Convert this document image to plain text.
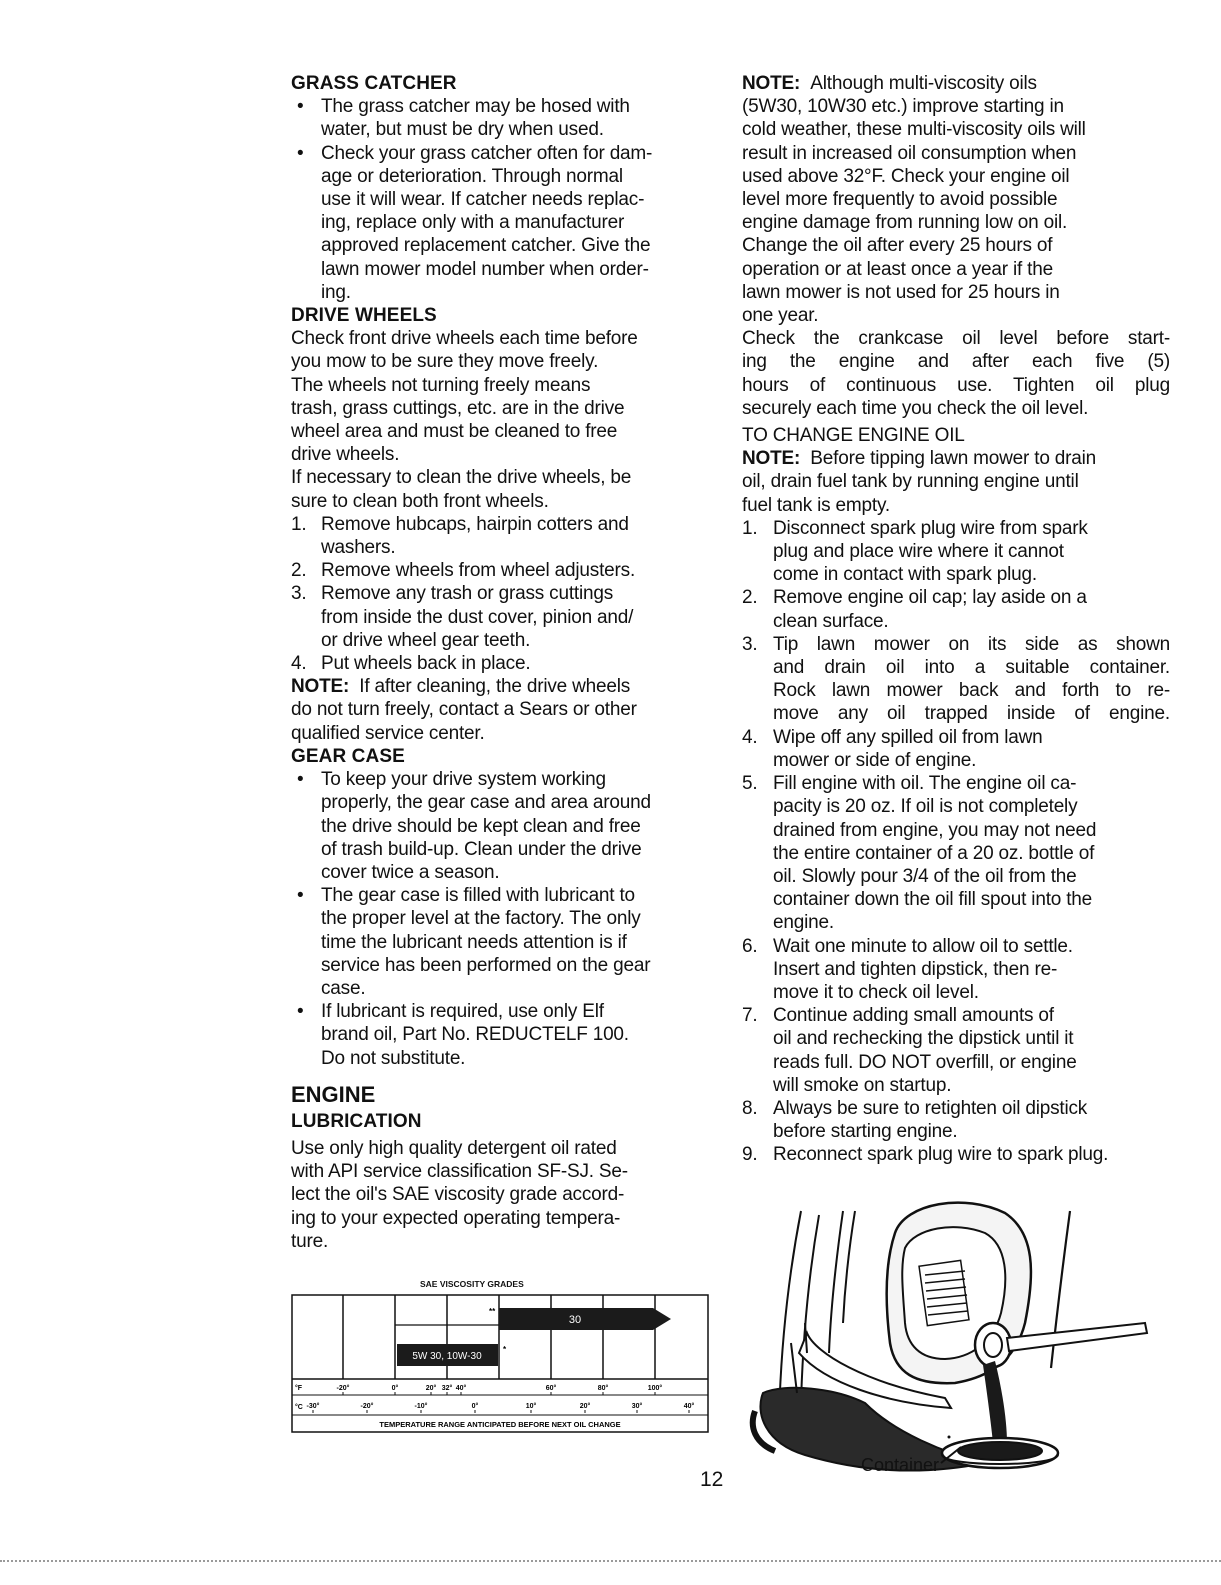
GRASS CATCHER
• The grass catcher may be hosed with
water, but must be dry when used.
• Check your grass catcher often for dam-
age or deterioration. Through normal
use it will wear. If catcher needs replac-
ing, replace only with a manufacturer
approved replacement catcher. Give the
lawn mower model number when order-
ing.
DRIVE WHEELS
Check front drive wheels each time before
you mow to be sure they move freely.
The wheels not turning freely means
trash, grass cuttings, etc. are in the drive
wheel area and must be cleaned to free
drive wheels.
If necessary to clean the drive wheels, be
sure to clean both front wheels.
1. Remove hubcaps, hairpin cotters and
washers.
2. Remove wheels from wheel adjusters.
3. Remove any trash or grass cuttings
from inside the dust cover, pinion and/
or drive wheel gear teeth.
4. Put wheels back in place.
NOTE: If after cleaning, the drive wheels
do not turn freely, contact a Sears or other
qualified service center.
GEAR CASE
• To keep your drive system working
properly, the gear case and area around
the drive should be kept clean and free
of trash build-up. Clean under the drive
cover twice a season.
• The gear case is filled with lubricant to
the proper level at the factory. The only
time the lubricant needs attention is if
service has been performed on the gear
case.
• If lubricant is required, use only Elf
brand oil, Part No. REDUCTELF 100.
Do not substitute.
ENGINE
LUBRICATION
Use only high quality detergent oil rated
with API service classification SF-SJ. Se-
lect the oil's SAE viscosity grade accord-
ing to your expected operating tempera-
ture.
30
**
5W 30, 10W-30
*
°F
°C
-20°	0°	20° 32° 40°	60°	80°	100°
-30°	-20°	-10°	0°	10°	20°	30°	40°
TEMPERATURE RANGE ANTICIPATED BEFORE NEXT OIL CHANGE
SAE VISCOSITY GRADES
NOTE: Although multi-viscosity oils
(5W30, 10W30 etc.) improve starting in
cold weather, these multi-viscosity oils will
result in increased oil consumption when
used above 32°F. Check your engine oil
level more frequently to avoid possible
engine damage from running low on oil.
Change the oil after every 25 hours of
operation or at least once a year if the
lawn mower is not used for 25 hours in
one year.
Check the crankcase oil level before start-
ing the engine and after each five (5)
hours of continuous use. Tighten oil plug
securely each time you check the oil level.
TO CHANGE ENGINE OIL
NOTE: Before tipping lawn mower to drain
oil, drain fuel tank by running engine until
fuel tank is empty.
1. Disconnect spark plug wire from spark
plug and place wire where it cannot
come in contact with spark plug.
2. Remove engine oil cap; lay aside on a
clean surface.
3. Tip lawn mower on its side as shown
and drain oil into a suitable container.
Rock lawn mower back and forth to re-
move any oil trapped inside of engine.
4. Wipe off any spilled oil from lawn
mower or side of engine.
5. Fill engine with oil. The engine oil ca-
pacity is 20 oz. If oil is not completely
drained from engine, you may not need
the entire container of a 20 oz. bottle of
oil. Slowly pour 3/4 of the oil from the
container down the oil fill spout into the
engine.
6. Wait one minute to allow oil to settle.
Insert and tighten dipstick, then re-
move it to check oil level.
7. Continue adding small amounts of
oil and rechecking the dipstick until it
reads full. DO NOT overfill, or engine
will smoke on startup.
8. Always be sure to retighten oil dipstick
before starting engine.
9. Reconnect spark plug wire to spark plug.
Container
12
